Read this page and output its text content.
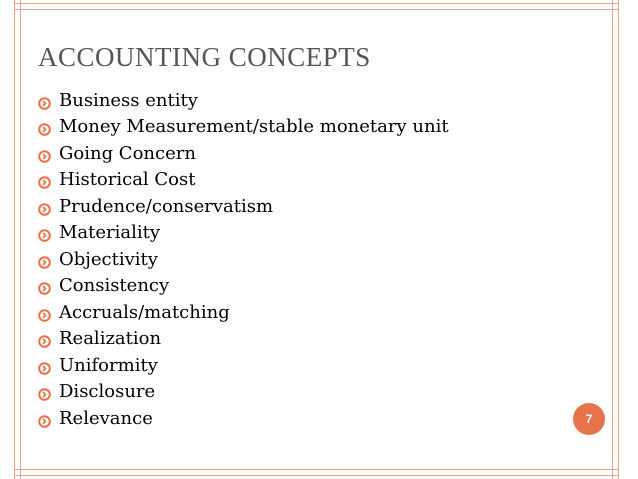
ACCOUNTING CONCEPTS
Business entity
Money Measurement/stable monetary unit
Going Concern
Historical Cost
Prudence/conservatism
Materiality
Objectivity
Consistency
Accruals/matching
Realization
Uniformity
Disclosure
Relevance	7
